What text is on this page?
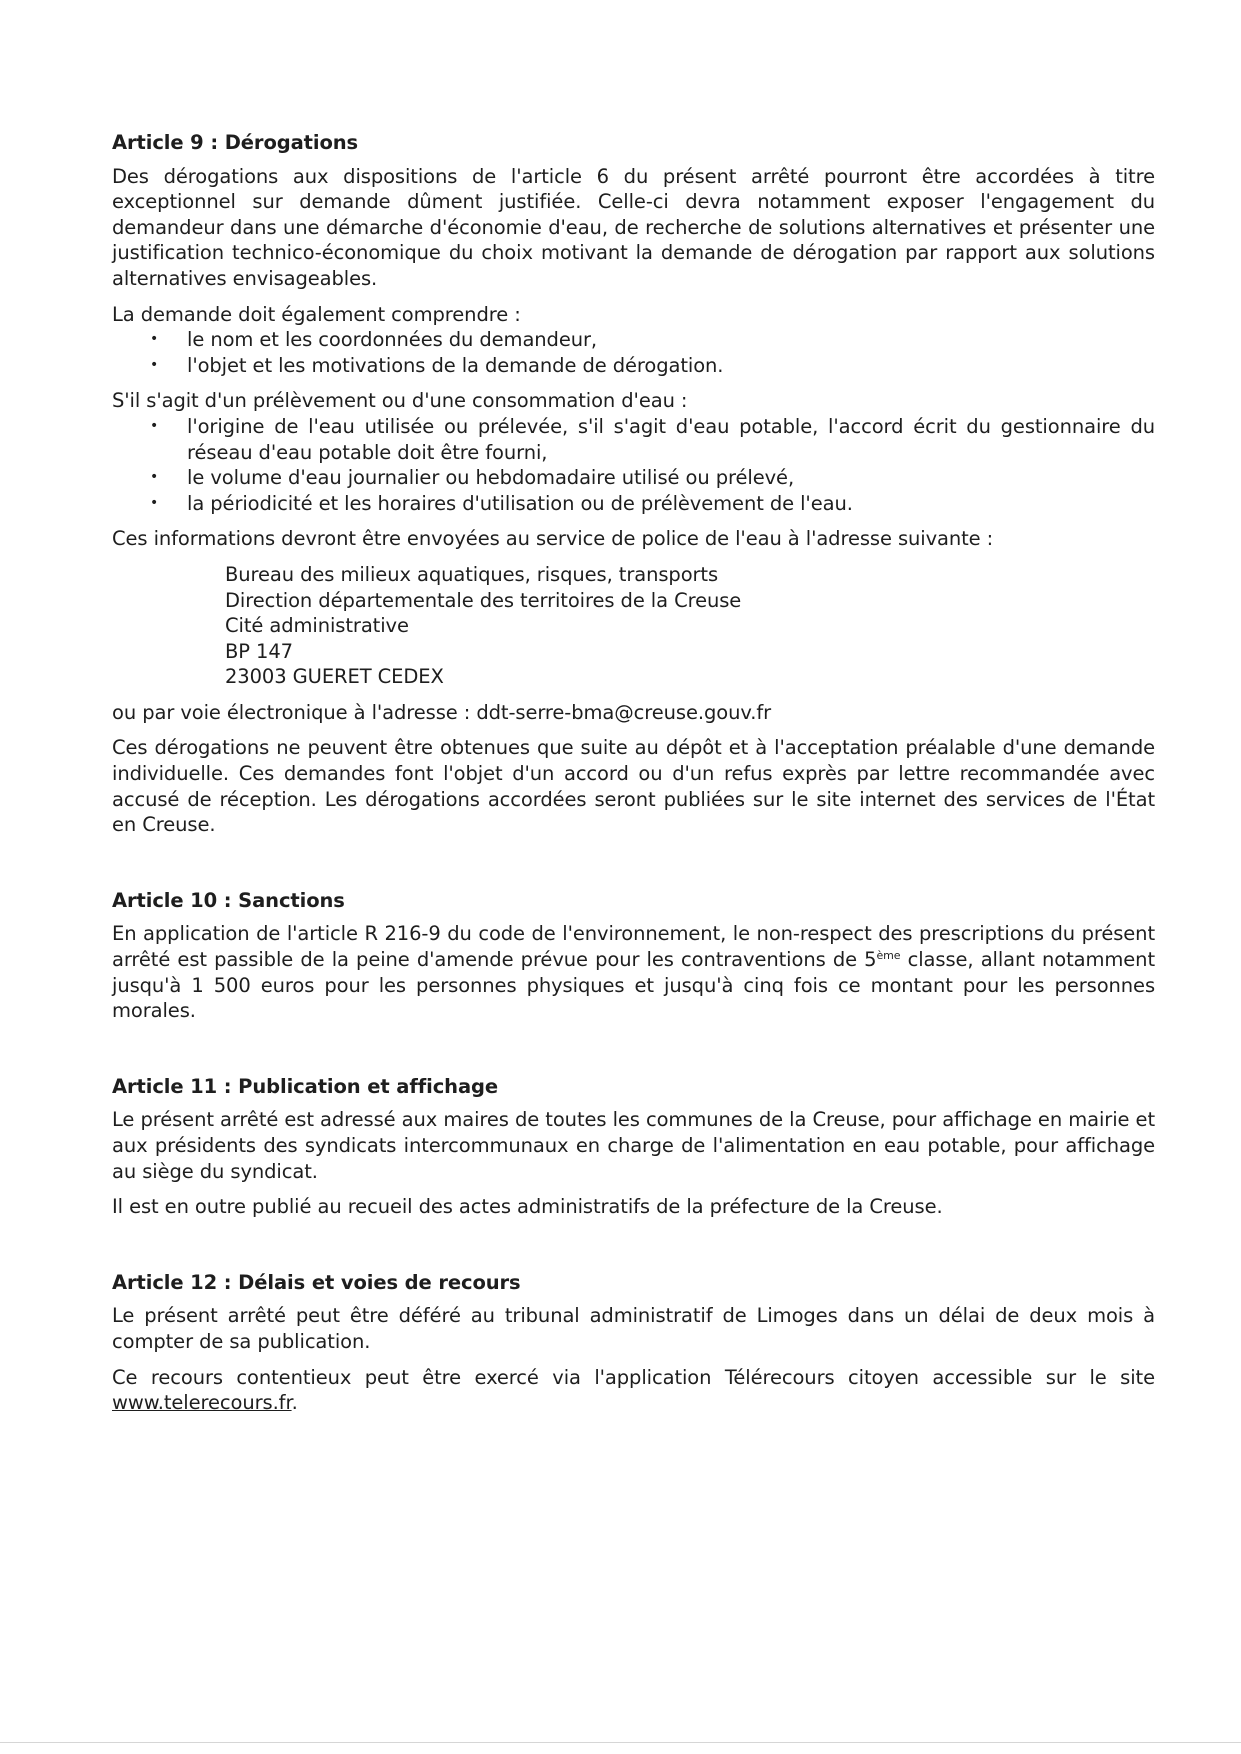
Article 9 : Dérogations

Des dérogations aux dispositions de l'article 6 du présent arrêté pourront être accordées à titre exceptionnel sur demande dûment justifiée. Celle-ci devra notamment exposer l'engagement du demandeur dans une démarche d'économie d'eau, de recherche de solutions alternatives et présenter une justification technico-économique du choix motivant la demande de dérogation par rapport aux solutions alternatives envisageables.

La demande doit également comprendre :

• le nom et les coordonnées du demandeur,
• l'objet et les motivations de la demande de dérogation.

S'il s'agit d'un prélèvement ou d'une consommation d'eau :

• l'origine de l'eau utilisée ou prélevée, s'il s'agit d'eau potable, l'accord écrit du gestionnaire du réseau d'eau potable doit être fourni,
• le volume d'eau journalier ou hebdomadaire utilisé ou prélevé,
• la périodicité et les horaires d'utilisation ou de prélèvement de l'eau.

Ces informations devront être envoyées au service de police de l'eau à l'adresse suivante :

Bureau des milieux aquatiques, risques, transports
Direction départementale des territoires de la Creuse
Cité administrative
BP 147
23003 GUERET CEDEX

ou par voie électronique à l'adresse : ddt-serre-bma@creuse.gouv.fr

Ces dérogations ne peuvent être obtenues que suite au dépôt et à l'acceptation préalable d'une demande individuelle. Ces demandes font l'objet d'un accord ou d'un refus exprès par lettre recommandée avec accusé de réception. Les dérogations accordées seront publiées sur le site internet des services de l'État en Creuse.

Article 10 : Sanctions

En application de l'article R 216-9 du code de l'environnement, le non-respect des prescriptions du présent arrêté est passible de la peine d'amende prévue pour les contraventions de 5ème classe, allant notamment jusqu'à 1 500 euros pour les personnes physiques et jusqu'à cinq fois ce montant pour les personnes morales.

Article 11 : Publication et affichage

Le présent arrêté est adressé aux maires de toutes les communes de la Creuse, pour affichage en mairie et aux présidents des syndicats intercommunaux en charge de l'alimentation en eau potable, pour affichage au siège du syndicat.

Il est en outre publié au recueil des actes administratifs de la préfecture de la Creuse.

Article 12 : Délais et voies de recours

Le présent arrêté peut être déféré au tribunal administratif de Limoges dans un délai de deux mois à compter de sa publication.

Ce recours contentieux peut être exercé via l'application Télérecours citoyen accessible sur le site www.telerecours.fr.
